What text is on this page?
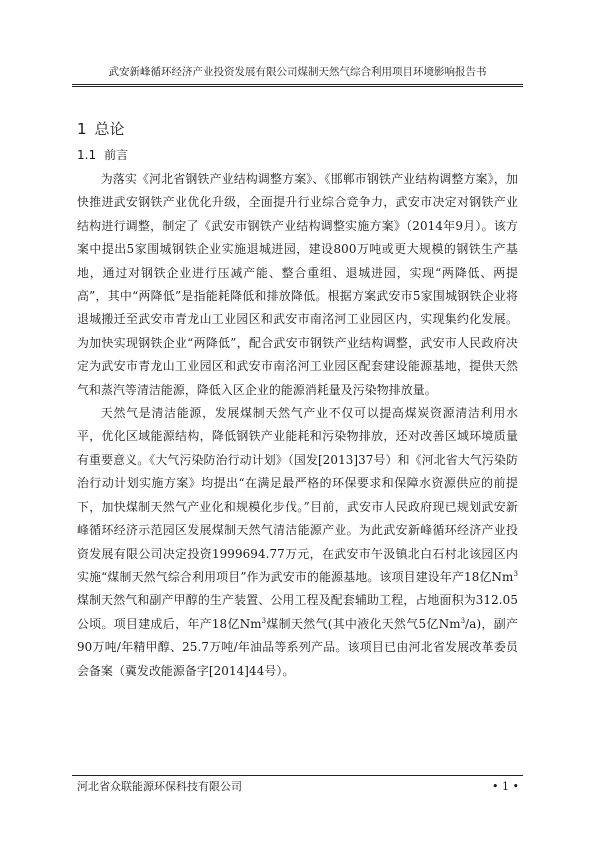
武安新峰循环经济产业投资发展有限公司煤制天然气综合利用项目环境影响报告书
1 总论
1.1 前言

为落实《河北省钢铁产业结构调整方案》、《邯郸市钢铁产业结构调整方案》，加快推进武安钢铁产业优化升级，全面提升行业综合竞争力，武安市决定对钢铁产业结构进行调整，制定了《武安市钢铁产业结构调整实施方案》（2014年9月）。该方案中提出5家围城钢铁企业实施退城进园，建设800万吨或更大规模的钢铁生产基地，通过对钢铁企业进行压减产能、整合重组、退城进园，实现“两降低、两提高”，其中“两降低”是指能耗降低和排放降低。根据方案武安市5家围城钢铁企业将退城搬迁至武安市青龙山工业园区和武安市南洺河工业园区内，实现集约化发展。为加快实现钢铁企业“两降低”，配合武安市钢铁产业结构调整，武安市人民政府决定为武安市青龙山工业园区和武安市南洺河工业园区配套建设能源基地，提供天然气和蒸汽等清洁能源，降低入区企业的能源消耗量及污染物排放量。

天然气是清洁能源，发展煤制天然气产业不仅可以提高煤炭资源清洁利用水平，优化区域能源结构，降低钢铁产业能耗和污染物排放，还对改善区域环境质量有重要意义。《大气污染防治行动计划》（国发[2013]37号）和《河北省大气污染防治行动计划实施方案》均提出“在满足最严格的环保要求和保障水资源供应的前提下，加快煤制天然气产业化和规模化步伐。”目前，武安市人民政府现已规划武安新峰循环经济示范园区发展煤制天然气清洁能源产业。为此武安新峰循环经济产业投资发展有限公司决定投资1999694.77万元，在武安市午汲镇北白石村北该园区内实施“煤制天然气综合利用项目”作为武安市的能源基地。该项目建设年产18亿Nm$^3$煤制天然气和副产甲醇的生产装置、公用工程及配套辅助工程，占地面积为312.05公顷。项目建成后，年产18亿Nm$^3$煤制天然气(其中液化天然气5亿Nm$^3$/a)，副产90万吨/年精甲醇、25.7万吨/年油品等系列产品。该项目已由河北省发展改革委员会备案（冀发改能源备字[2014]44号）。

河北省众联能源环保科技有限公司	• 1 •
